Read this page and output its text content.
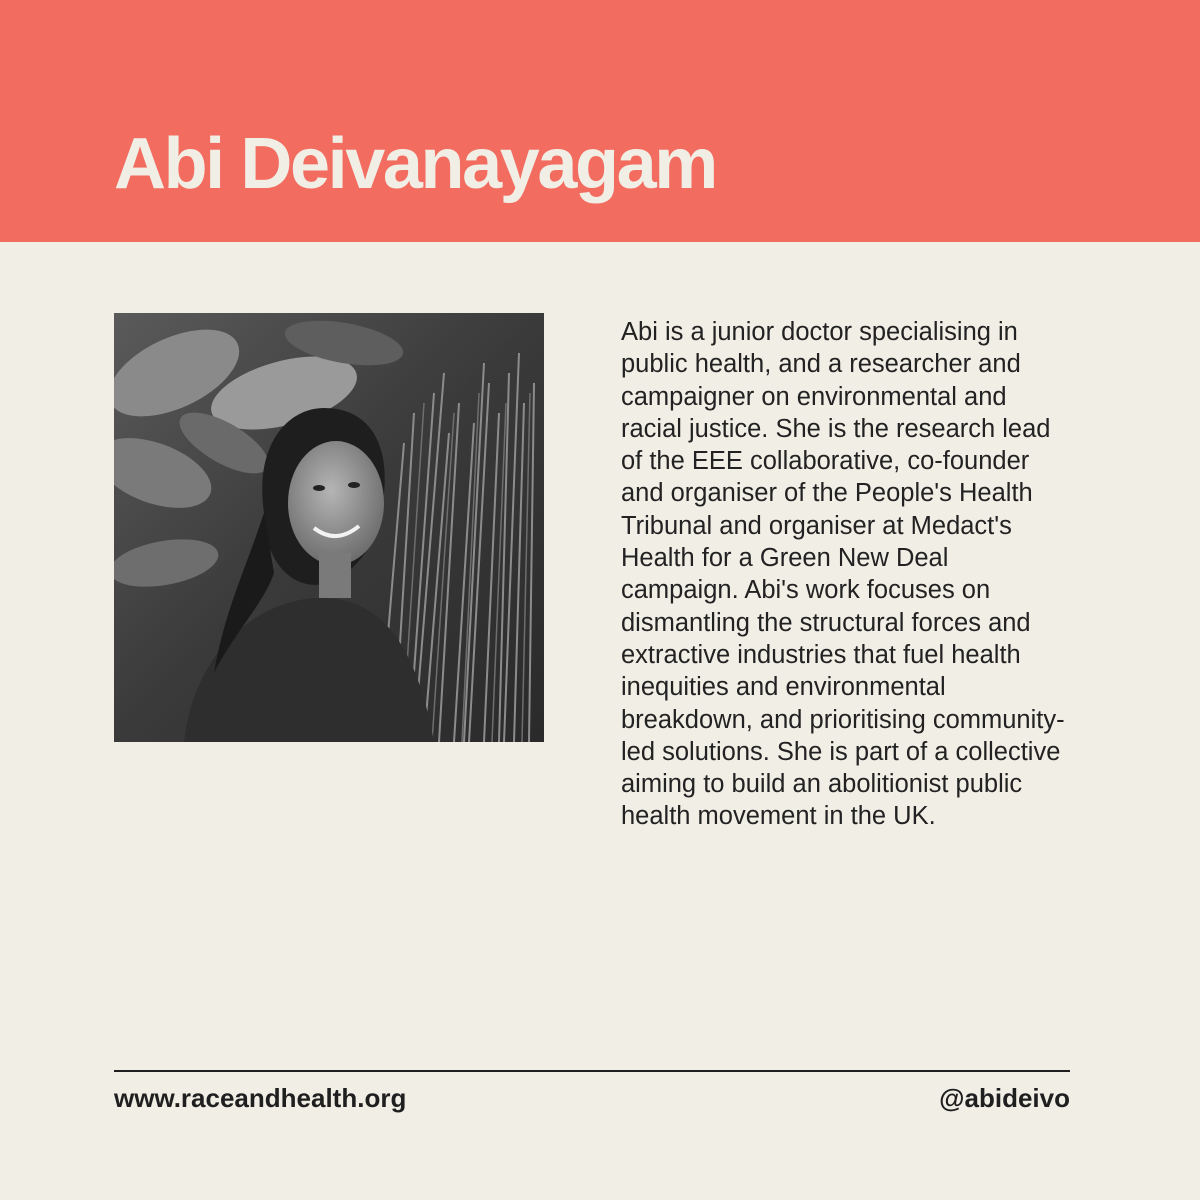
Abi Deivanayagam

Abi is a junior doctor specialising in public health, and a researcher and campaigner on environmental and racial justice. She is the research lead of the EEE collaborative, co-founder and organiser of the People's Health Tribunal and organiser at Medact's Health for a Green New Deal campaign. Abi's work focuses on dismantling the structural forces and extractive industries that fuel health inequities and environmental breakdown, and prioritising community-led solutions. She is part of a collective aiming to build an abolitionist public health movement in the UK.

www.raceandhealth.org	@abideivo
